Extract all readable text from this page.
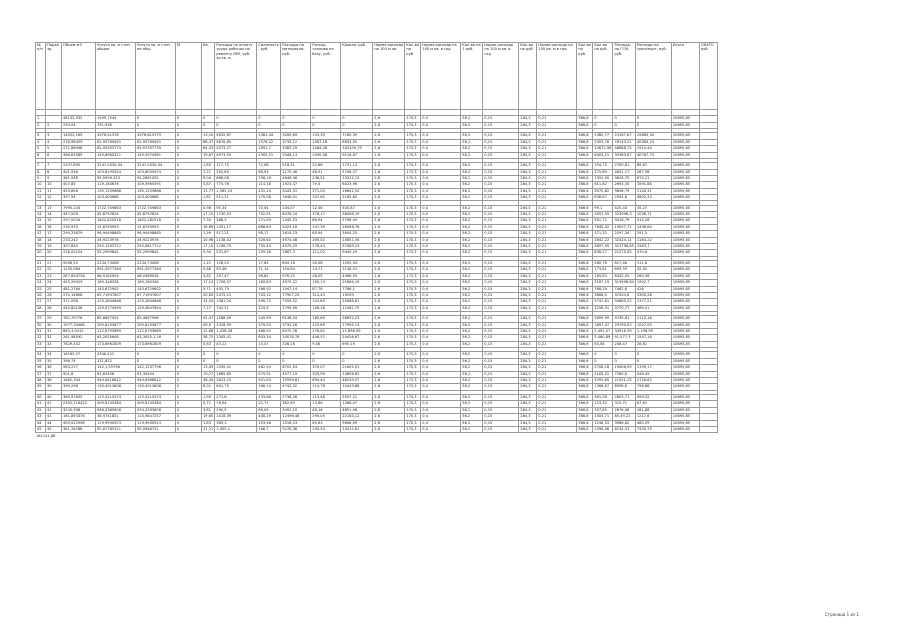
№ п/п	Подъезд	Объем м3	Услуга кв. м стен общая	Услуга кв. м стен не общ.	М	Кв.	Расходы на оплату труда рабочих по ремонту ВРУ, руб. за кв. м	Сменность, руб.	Расходы на материалы, руб.	Расход топлива на базу, руб.	Кровля, руб.	Норма расхода на 100 м кв.	Кол-во на руб.	Норма расхода на 100 м кв. в год	Кол-во на 1 руб.	Норма расхода на 100 м кв. в год	Кол-во на руб.	Норма расхода на 100 кв. м в год	Кол-во на руб.	Кол-во на руб.	Расходы на ГСМ, руб.	Расходы на транспорт, руб.	Итого	ОКАТО руб.

1		48132,332	1999,7544	0	0	0	0	0	0	0	0	2,6	170,3	0,4	56,2	0,15	284,3	0,21	366,6	0	0	0	10695,85	
2	2	293,04	791,936	0	0	0	0	0	0	0	0	2,6	170,3	0,4	56,2	0,15	284,3	0,21	366,6	0	0	0	10695,85	

3	3	14052,165	3376,51376	3376,613779	0	13,10	4632,67	1361,44	3263,69	153,39	7180,39	2,6	170,3	0,4	56,2	0,15	284,3	0,21	366,6	2360,77	23167,87	29883,34	10695,85	
4	4	278,98459	62,00760955	62,00760955	0	68,47	4676,85	1576,22	3735,12	1087,18	8633,55	2,6	170,3	0,4	56,2	0,15	284,3	0,21	366,6	2303,78	76133,01	40383,24	10695,85	
5	5	271,86948	62,09352773	63,97357739	0	64,03	4573,27	1891,7	3383,29	1084,28	163109,79	2,6	170,3	0,4	56,2	0,15	284,3	0,21	366,6	10671,98	46688,75	1915,44	10695,85	
6	6	466,83085	149,6960311	149,5974981	0	19,67	4973,55	1305,51	3348,13	1090,58	9116,87	2,6	170,3	0,4	56,2	0,15	284,3	0,21	366,6	6403,21	39383,67	40767,73	10695,85	

7	7	2207,895	3147,0330,04	3147,0330,04	0	1,85	117,75	72,06	516,31	22,66	1731,13	2,6	170,3	0,4	56,2	0,15	284,3	0,21	366,6	154,75	2709,81	89,67	10695,85	
8	8	401,938	103,8195424	103,8055074	0	1,21	250,85	68,93	1179,46	46,51	5746,37	2,6	170,3	0,4	56,2	0,15	284,3	0,21	366,6	275,89	4631,17	287,98	10695,85	
9	9	361,948	95,5926,333	95,2661052	0	9,04	886,08	236,16	4648,46	236,51	15312,13	2,6	170,3	0,4	56,2	0,15	284,3	0,21	366,6	1352,95	9628,75	874,21	10695,85	
10	10	407,85	119,184676	109,3965591	0	3,87	770,76	114,18	1923,37	79,3	6023,96	2,6	170,3	0,4	56,2	0,15	284,3	0,21	366,6	611,62	2693,35	3591,88	10695,85	
11	11	453,856	135,1259888	135,1259888	0	13,77	1,565,15	131,24	3443,31	371,00	16642,52	2,6	170,3	0,4	56,2	0,15	284,3	0,21	366,6	3970,82	9636,79	1140,31	10695,85	
12	12	397,94	103,400688	103,400688	0	1,81	511,21	170,08	1646,01	107,62	2165,65	2,6	170,3	0,4	56,2	0,15	284,3	0,21	366,6	638,67	2954,6	4602,33	10695,85	

13	13	7995,144	1722,709863	1722,709863	0	0,98	95,34	10,04	104,07	12,46	545,87	2,6	170,3	0,4	56,2	0,15	284,3	0,21	366,6	99,1	425,44	35,27	10695,85	
14	14	447,008	45,6792824	45,6792824	0	17,15	1730,53	752,91	6076,24	378,17	38498,19	2,6	170,3	0,4	56,2	0,15	284,3	0,21	366,6	2857,09	323996,3	1038,71	10695,85	
15	15	297,0034	1622,820518	1652,282518	0	7,34	588,2	171,09	1445,53	86,94	5798,09	2,6	170,3	0,4	56,2	0,15	284,3	0,21	366,6	581,71	3918,79	415,26	10695,85	
16	16	230,933	12,6759093	12,6759093	0	16,89	1451,17	686,64	3424,18	147,39	26456,78	2,6	170,3	0,4	56,2	0,15	284,3	0,21	366,6	7645,42	19007,72	1498,64	10695,85	
17	17	299,25879	96,94498685	96,94498685	0	1,39	517,21	98,17	1619,23	65,94	3904,25	2,6	170,3	0,4	56,2	0,15	284,3	0,21	366,6	371,32	2297,34	291,5	10695,85	
18	18	233,242	34,9223976	34,9223976	0	10,96	1138,02	326,62	4974,48	265,02	25851,56	2,6	170,3	0,4	56,2	0,15	284,3	0,21	366,6	2842,22	32424,11	1164,22	10695,85	
19	19	307,894	255,1293712	255,5817712	0	17,15	1748,75	735,44	4979,29	278,43	37489,13	2,6	170,3	0,4	56,2	0,15	284,3	0,21	366,6	3697,95	321798,65	1583,7	10695,85	
20	20	226,02104	55,2909845	55,2909845	0	5,94	531,67	159,38	2667,3	111,02	9445,29	2,6	170,3	0,4	56,2	0,15	284,3	0,21	366,6	836,27	21275,05	470,6	10695,85	

21	21	5056,55	2234,73408	2234,73408	0	1,21	128,25	17,64	804,16	26,08	1092,94	2,6	170,3	0,4	56,2	0,15	284,3	0,21	366,6	260,76	817,46	111,8	10695,85	
22	22	1235,984	991,0977364	991,0977364	0	0,68	93,46	11,14	316,64	14,71	1136,51	2,6	170,3	0,4	56,2	0,15	284,3	0,21	366,6	173,61	699,93	32,92	10695,85	
23	23	287,834726	46,9162924	48,0469034	0	4,82	357,47	96,82	976,25	28,05	4466,55	2,6	170,3	0,4	56,2	0,15	284,3	0,21	366,6	165,83	6342,05	269,36	10695,85	
24	24	455,29429	165,346336	165,160346	0	17,14	1758,57	160,63	4979,22	159,13	21664,19	2,6	170,3	0,4	56,2	0,15	284,3	0,21	366,6	3167,19	313998,84	1902,7	10695,85	
25	25	481,2764	145,672902	145,6729602	0	5,71	405,75	166,92	1447,14	87,76	7786,1	2,6	170,3	0,4	56,2	0,15	284,3	0,21	366,6	768,29	7462,6	426	10695,85	
26	26	270,14608	65,71947607	67,71947607	0	20,84	2475,21	743,12	77907,25	314,43	19299	2,6	170,3	0,4	56,2	0,15	284,3	0,21	366,6	3866,5	37434,6	3300,28	10695,85	
27	27	371,098	220,2644668	220,2644668	0	14,04	1481,24	496,73	7559,52	102,85	25986,61	2,6	170,3	0,4	56,2	0,15	284,3	0,21	366,6	2741,61	94685,22	1377,21	10695,85	
28	28	445,80136	129,0774999	129,4847654	0	7,27	742,21	224,9	2799,56	106,16	11082,75	2,6	170,3	0,4	56,2	0,15	284,3	0,21	366,6	1258,31	3770,77	469,01	10695,85	

29	29	762,79778	85,6897001	85,4897998	0	42,47	1588,99	145,99	6136,54	160,69	26832,53	2,6	170,3	0,4	56,2	0,15	284,3	0,21	366,6	2699,99	9745,61	1115,18	10695,85	
30	30	1977,30468	290,8153877	290,8153877	0	49,9	1318,99	379,03	3733,26	225,69	17995,13	2,6	170,3	0,4	56,2	0,15	284,3	0,21	366,6	1897,47	29799,02	1007,09	10695,85	
31	31	663,3,9412	112,8793869	112,8793869	0	12,88	1,428,28	466,02	6070,78	276,82	21,896,99	2,6	170,3	0,4	56,2	0,15	284,3	0,21	366,6	2,492,07	34916,39	1,196,99	10695,85	
32	32	261,98592	63,2055648	63,3055,1,16	0	38,75	2345,41	643,34	20078,78	446,52	24426,67	2,6	170,3	0,4	56,2	0,15	284,3	0,21	366,6	3,460,89	91,577,3	1547,16	10695,85	
33	33	7629,452	173,6961809	173,6961809	0	0,63	45,12	13,07	226,16	9,06	695,19	2,6	170,3	0,4	56,2	0,15	284,3	0,21	366,6	64,08	246,47	26,61	10695,85	

34	34	16163,07	4346,421	0	0	0	0	0	0	0	0	2,6	170,3	0,4	56,2	0,15	284,3	0,21	366,6	0	0	0	10695,85	
35	35	396,74	131,822	0	0	0	0	0	0	0	0	2,6	170,3	0,4	56,2	0,15	284,3	0,21	366,6	0	0	0	10695,85	
36	36	563,217	142,1,55796	142,1337796	0	13,49	1335,41	462,54	6702,93	370,07	21605,01	2,6	170,3	0,4	56,2	0,15	284,3	0,21	366,6	2708,18	19406,09	1195,17	10695,85	
37	37	501,8	93,63456	93,30454	0	19,27	1865,65	575,91	4577,19	329,99	14656,62	2,6	170,3	0,4	56,2	0,15	284,3	0,21	366,6	2163,01	7260,8	446,45	10695,85	
38	38	1662,344	944,6416812	944,6368812	0	38,34	3813,23	921,04	15599,81	694,44	48259,57	2,6	170,3	0,4	56,2	0,15	284,3	0,21	366,6	4393,85	21521,25	2718,62	10695,85	
39	39	399,296	130,4013808	130,4013808	0	6,01	601,75	166,14	4743,32	114,78	10443,86	2,6	170,3	0,4	56,2	0,15	284,3	0,21	366,6	1366,67	8998,6	796,86	10695,85	

40	40	365,97635	115,4212974	115,4212974	0	1,99	271,8	133,88	2738,28	113,48	5597,21	2,6	170,3	0,4	56,2	0,15	284,3	0,21	366,6	461,06	2803,71	499,52	10695,85	
41	41	2392,216422	409,8745384	409,8745384	0	0,71	76,94	22,71	382,65	13,86	1266,47	2,6	170,3	0,4	56,2	0,15	284,3	0,21	366,6	123,32	315,71	67,61	10695,85	
42	42	3245,598	948,3385608	934,3393608	0	3,81	290,5	86,09	3491,19	46,16	4891,96	2,6	170,3	0,4	56,2	0,15	284,3	0,21	366,6	307,65	2876,08	281,88	10695,85	
43	43	161,893376	38,9741851	110,9847257	0	19,65	1418,39	408,19	12496,48	290,05	22183,12	2,6	170,3	0,4	56,2	0,15	284,3	0,21	366,6	3305,71	80,49,22	1217,6	10695,85	
44	44	409,022998	119,9930923	119,9930923	0	1,83	369,3	153,58	1516,23	85,63	9608,09	2,6	170,3	0,4	56,2	0,15	284,3	0,21	366,6	1246,53	3986,82	480,29	10695,85	
45	45	381,28788	95,87785311	95,0946731	0	11,21	1,405,1	168,7	5276,38	245,54	13412,61	2,6	170,3	0,4	56,2	0,15	284,3	0,21	366,6	1096,06	8234,53	7435,75	10695,85	
161121,88
Страница 1 из 1
